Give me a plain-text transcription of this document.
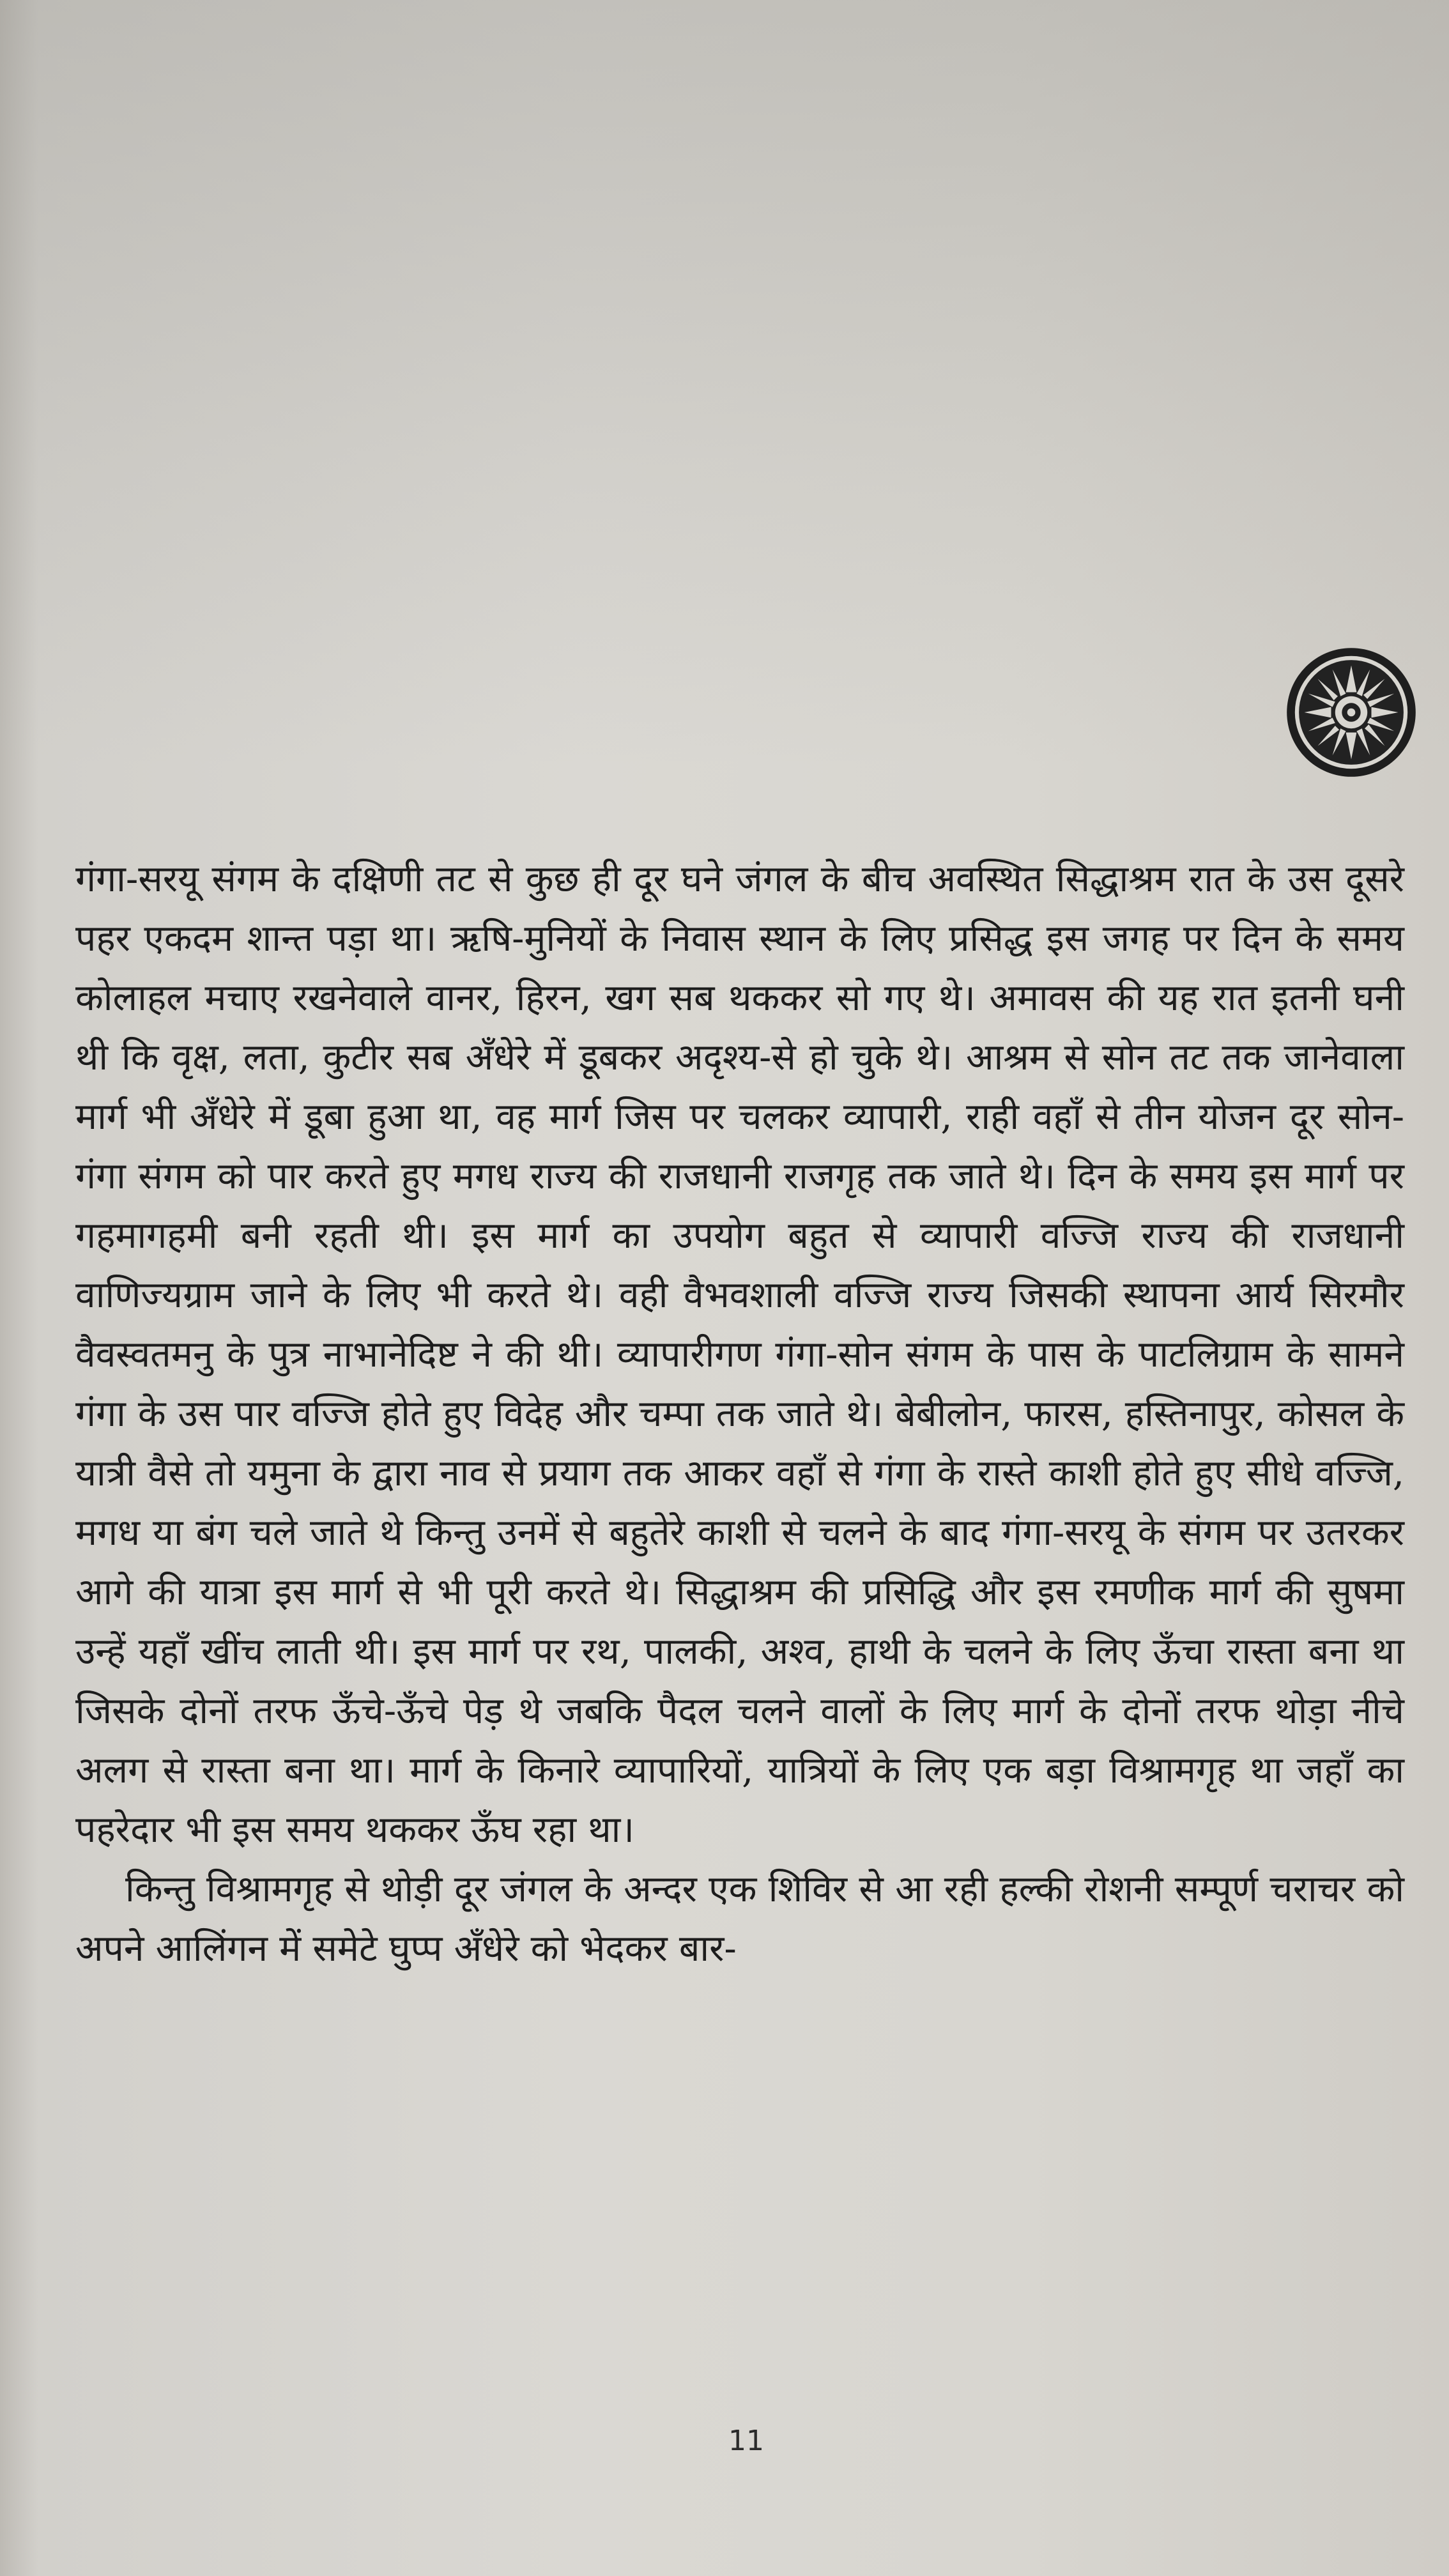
गंगा-सरयू संगम के दक्षिणी तट से कुछ ही दूर घने जंगल के बीच अवस्थित सिद्धाश्रम रात के उस दूसरे पहर एकदम शान्त पड़ा था। ऋषि-मुनियों के निवास स्थान के लिए प्रसिद्ध इस जगह पर दिन के समय कोलाहल मचाए रखनेवाले वानर, हिरन, खग सब थककर सो गए थे। अमावस की यह रात इतनी घनी थी कि वृक्ष, लता, कुटीर सब अँधेरे में डूबकर अदृश्य-से हो चुके थे। आश्रम से सोन तट तक जानेवाला मार्ग भी अँधेरे में डूबा हुआ था, वह मार्ग जिस पर चलकर व्यापारी, राही वहाँ से तीन योजन दूर सोन-गंगा संगम को पार करते हुए मगध राज्य की राजधानी राजगृह तक जाते थे। दिन के समय इस मार्ग पर गहमागहमी बनी रहती थी। इस मार्ग का उपयोग बहुत से व्यापारी वज्जि राज्य की राजधानी वाणिज्यग्राम जाने के लिए भी करते थे। वही वैभवशाली वज्जि राज्य जिसकी स्थापना आर्य सिरमौर वैवस्वतमनु के पुत्र नाभानेदिष्ट ने की थी। व्यापारीगण गंगा-सोन संगम के पास के पाटलिग्राम के सामने गंगा के उस पार वज्जि होते हुए विदेह और चम्पा तक जाते थे। बेबीलोन, फारस, हस्तिनापुर, कोसल के यात्री वैसे तो यमुना के द्वारा नाव से प्रयाग तक आकर वहाँ से गंगा के रास्ते काशी होते हुए सीधे वज्जि, मगध या बंग चले जाते थे किन्तु उनमें से बहुतेरे काशी से चलने के बाद गंगा-सरयू के संगम पर उतरकर आगे की यात्रा इस मार्ग से भी पूरी करते थे। सिद्धाश्रम की प्रसिद्धि और इस रमणीक मार्ग की सुषमा उन्हें यहाँ खींच लाती थी। इस मार्ग पर रथ, पालकी, अश्व, हाथी के चलने के लिए ऊँचा रास्ता बना था जिसके दोनों तरफ ऊँचे-ऊँचे पेड़ थे जबकि पैदल चलने वालों के लिए मार्ग के दोनों तरफ थोड़ा नीचे अलग से रास्ता बना था। मार्ग के किनारे व्यापारियों, यात्रियों के लिए एक बड़ा विश्रामगृह था जहाँ का पहरेदार भी इस समय थककर ऊँघ रहा था।

किन्तु विश्रामगृह से थोड़ी दूर जंगल के अन्दर एक शिविर से आ रही हल्की रोशनी सम्पूर्ण चराचर को अपने आलिंगन में समेटे घुप्प अँधेरे को भेदकर बार-

11
